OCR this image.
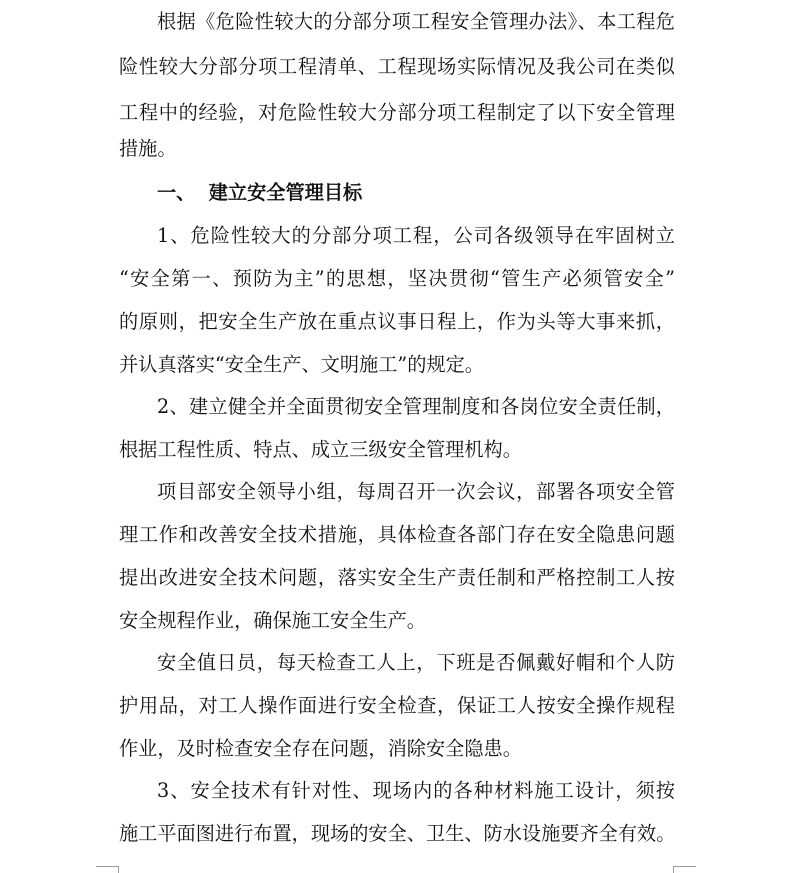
根据《危险性较大的分部分项工程安全管理办法》、本工程危
险性较大分部分项工程清单、工程现场实际情况及我公司在类似
工程中的经验，对危险性较大分部分项工程制定了以下安全管理
措施。
一、  建立安全管理目标
1、危险性较大的分部分项工程，公司各级领导在牢固树立
“安全第一、预防为主”的思想，坚决贯彻“管生产必须管安全”
的原则，把安全生产放在重点议事日程上，作为头等大事来抓，
并认真落实“安全生产、文明施工”的规定。
2、建立健全并全面贯彻安全管理制度和各岗位安全责任制，
根据工程性质、特点、成立三级安全管理机构。
项目部安全领导小组，每周召开一次会议，部署各项安全管
理工作和改善安全技术措施，具体检查各部门存在安全隐患问题
提出改进安全技术问题，落实安全生产责任制和严格控制工人按
安全规程作业，确保施工安全生产。
安全值日员，每天检查工人上，下班是否佩戴好帽和个人防
护用品，对工人操作面进行安全检查，保证工人按安全操作规程
作业，及时检查安全存在问题，消除安全隐患。
3、安全技术有针对性、现场内的各种材料施工设计，须按
施工平面图进行布置，现场的安全、卫生、防水设施要齐全有效。
